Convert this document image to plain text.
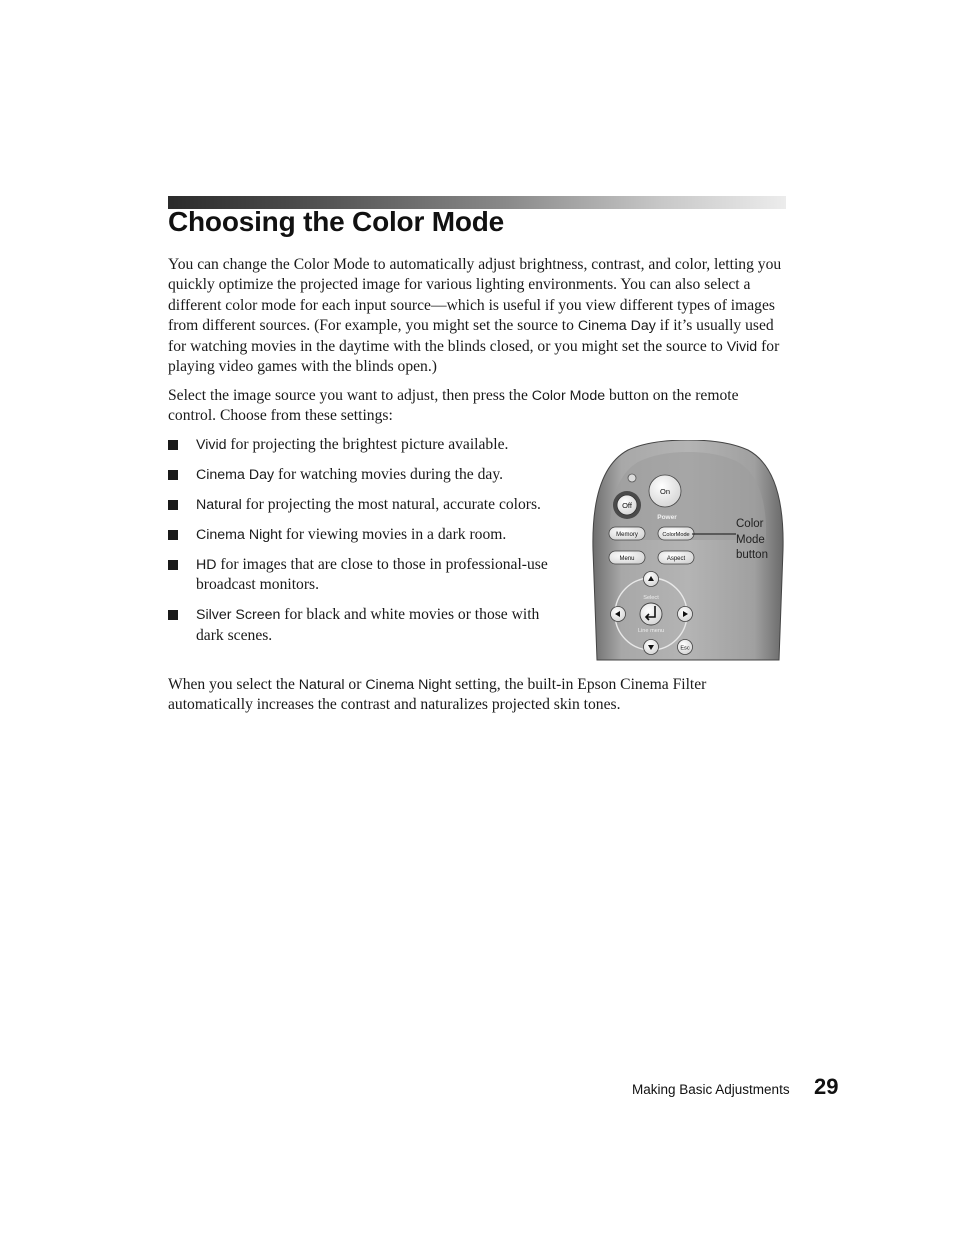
Choosing the Color Mode

You can change the Color Mode to automatically adjust brightness, contrast, and color, letting you quickly optimize the projected image for various lighting environments. You can also select a different color mode for each input source—which is useful if you view different types of images from different sources. (For example, you might set the source to Cinema Day if it’s usually used for watching movies in the daytime with the blinds closed, or you might set the source to Vivid for playing video games with the blinds open.)

Select the image source you want to adjust, then press the Color Mode button on the remote control. Choose from these settings:

Vivid for projecting the brightest picture available.
Cinema Day for watching movies during the day.
Natural for projecting the most natural, accurate colors.
Cinema Night for viewing movies in a dark room.
HD for images that are close to those in professional-use broadcast monitors.
Silver Screen for black and white movies or those with dark scenes.
Off
On
Power
Memory	ColorMode
Menu	Aspect
Select
Line menu
Esc
Color
Mode
button

When you select the Natural or Cinema Night setting, the built-in Epson Cinema Filter automatically increases the contrast and naturalizes projected skin tones.

Making Basic Adjustments 29
